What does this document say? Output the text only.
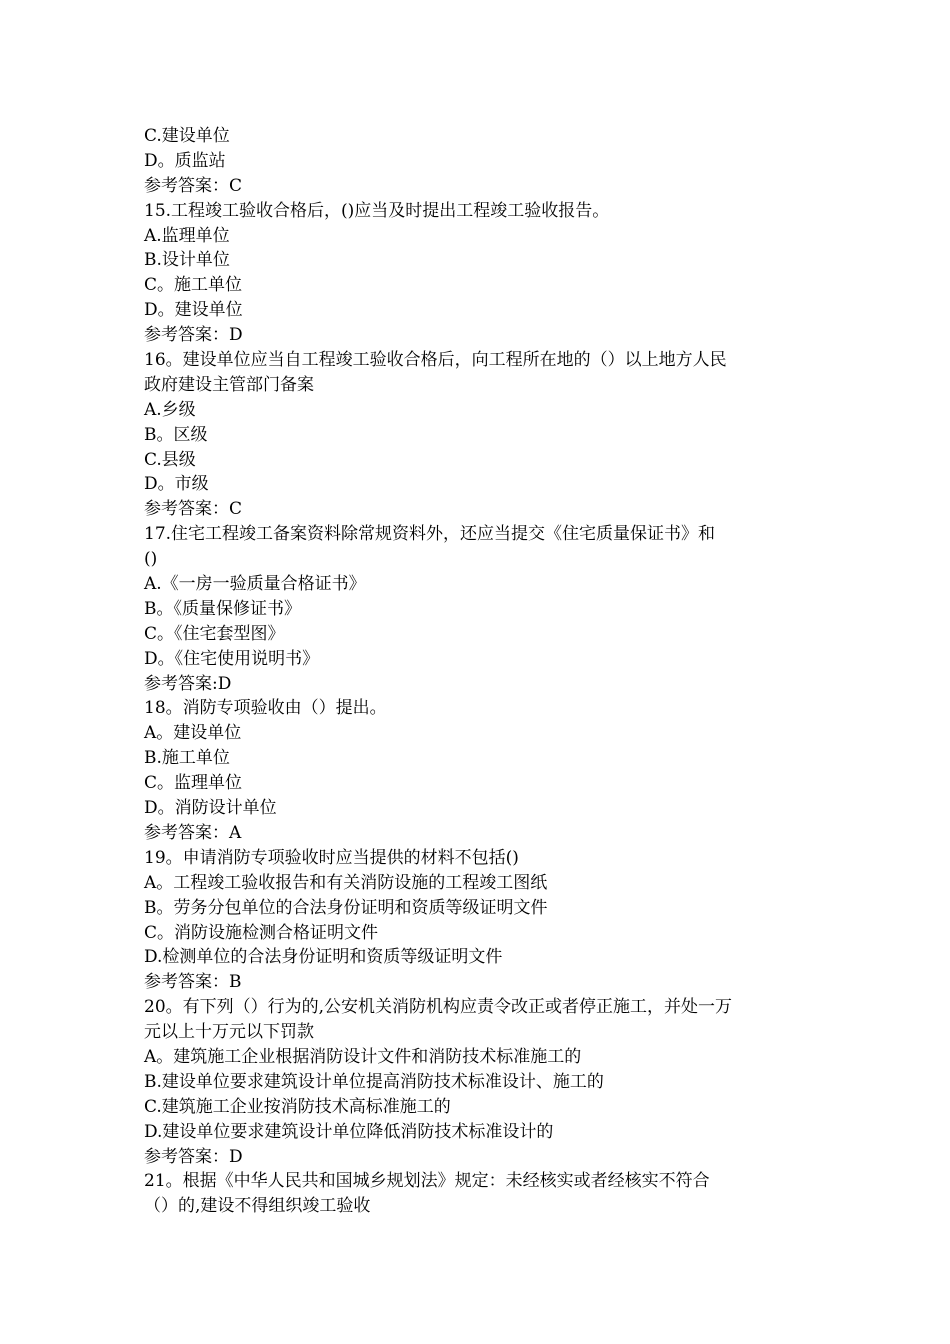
C.建设单位
D。质监站
参考答案：C
15.工程竣工验收合格后，()应当及时提出工程竣工验收报告。
A.监理单位
B.设计单位
C。施工单位
D。建设单位
参考答案：D
16。建设单位应当自工程竣工验收合格后，向工程所在地的（）以上地方人民
政府建设主管部门备案
A.乡级
B。区级
C.县级
D。市级
参考答案：C
17.住宅工程竣工备案资料除常规资料外，还应当提交《住宅质量保证书》和
()
A.《一房一验质量合格证书》
B。《质量保修证书》
C。《住宅套型图》
D。《住宅使用说明书》
参考答案:D
18。消防专项验收由（）提出。
A。建设单位
B.施工单位
C。监理单位
D。消防设计单位
参考答案：A
19。申请消防专项验收时应当提供的材料不包括()
A。工程竣工验收报告和有关消防设施的工程竣工图纸
B。劳务分包单位的合法身份证明和资质等级证明文件
C。消防设施检测合格证明文件
D.检测单位的合法身份证明和资质等级证明文件
参考答案：B
20。有下列（）行为的,公安机关消防机构应责令改正或者停正施工，并处一万
元以上十万元以下罚款
A。建筑施工企业根据消防设计文件和消防技术标准施工的
B.建设单位要求建筑设计单位提高消防技术标准设计、施工的
C.建筑施工企业按消防技术高标准施工的
D.建设单位要求建筑设计单位降低消防技术标准设计的
参考答案：D
21。根据《中华人民共和国城乡规划法》规定：未经核实或者经核实不符合
（）的,建设不得组织竣工验收
